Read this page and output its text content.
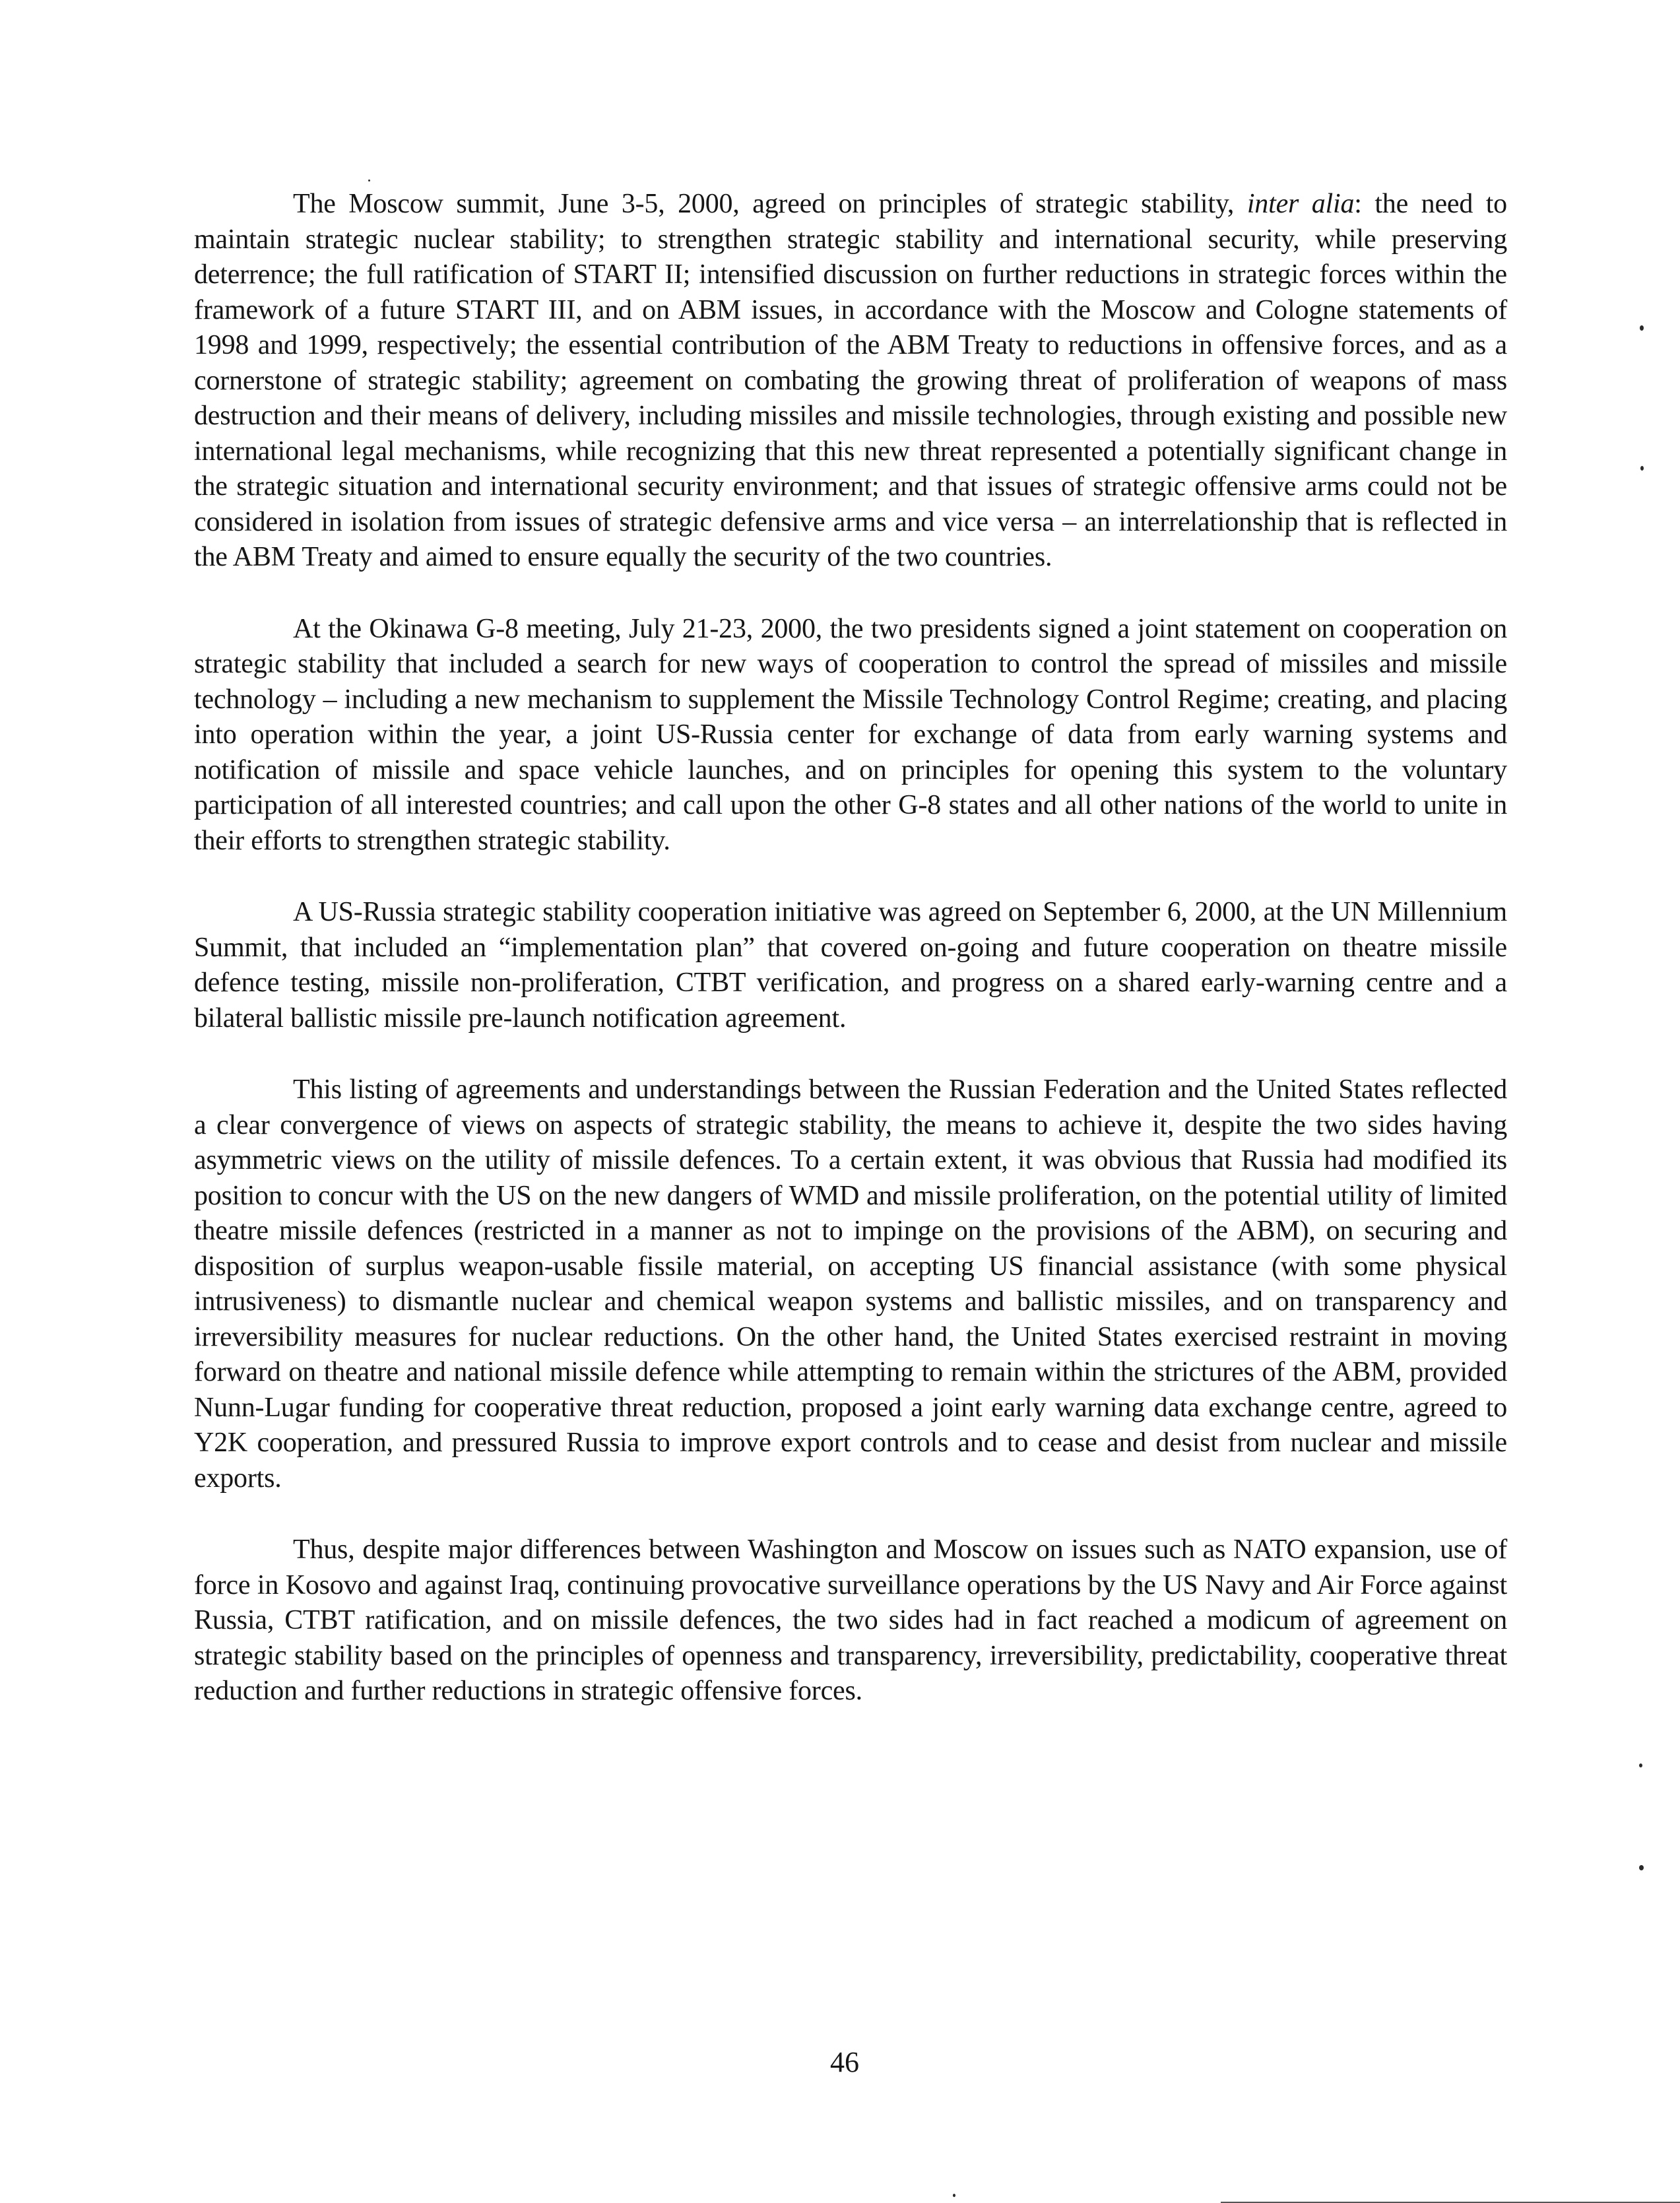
The Moscow summit, June 3-5, 2000, agreed on principles of strategic stability, inter alia: the need to maintain strategic nuclear stability; to strengthen strategic stability and international security, while preserving deterrence; the full ratification of START II; intensified discussion on further reductions in strategic forces within the framework of a future START III, and on ABM issues, in accordance with the Moscow and Cologne statements of 1998 and 1999, respectively; the essential contribution of the ABM Treaty to reductions in offensive forces, and as a cornerstone of strategic stability; agreement on combating the growing threat of proliferation of weapons of mass destruction and their means of delivery, including missiles and missile technologies, through existing and possible new international legal mechanisms, while recognizing that this new threat represented a potentially significant change in the strategic situation and international security environment; and that issues of strategic offensive arms could not be considered in isolation from issues of strategic defensive arms and vice versa – an interrelationship that is reflected in the ABM Treaty and aimed to ensure equally the security of the two countries.

At the Okinawa G-8 meeting, July 21-23, 2000, the two presidents signed a joint statement on cooperation on strategic stability that included a search for new ways of cooperation to control the spread of missiles and missile technology – including a new mechanism to supplement the Missile Technology Control Regime; creating, and placing into operation within the year, a joint US-Russia center for exchange of data from early warning systems and notification of missile and space vehicle launches, and on principles for opening this system to the voluntary participation of all interested countries; and call upon the other G-8 states and all other nations of the world to unite in their efforts to strengthen strategic stability.

A US-Russia strategic stability cooperation initiative was agreed on September 6, 2000, at the UN Millennium Summit, that included an “implementation plan” that covered on-going and future cooperation on theatre missile defence testing, missile non-proliferation, CTBT verification, and progress on a shared early-warning centre and a bilateral ballistic missile pre-launch notification agreement.

This listing of agreements and understandings between the Russian Federation and the United States reflected a clear convergence of views on aspects of strategic stability, the means to achieve it, despite the two sides having asymmetric views on the utility of missile defences. To a certain extent, it was obvious that Russia had modified its position to concur with the US on the new dangers of WMD and missile proliferation, on the potential utility of limited theatre missile defences (restricted in a manner as not to impinge on the provisions of the ABM), on securing and disposition of surplus weapon-usable fissile material, on accepting US financial assistance (with some physical intrusiveness) to dismantle nuclear and chemical weapon systems and ballistic missiles, and on transparency and irreversibility measures for nuclear reductions. On the other hand, the United States exercised restraint in moving forward on theatre and national missile defence while attempting to remain within the strictures of the ABM, provided Nunn-Lugar funding for cooperative threat reduction, proposed a joint early warning data exchange centre, agreed to Y2K cooperation, and pressured Russia to improve export controls and to cease and desist from nuclear and missile exports.

Thus, despite major differences between Washington and Moscow on issues such as NATO expansion, use of force in Kosovo and against Iraq, continuing provocative surveillance operations by the US Navy and Air Force against Russia, CTBT ratification, and on missile defences, the two sides had in fact reached a modicum of agreement on strategic stability based on the principles of openness and transparency, irreversibility, predictability, cooperative threat reduction and further reductions in strategic offensive forces.

46
